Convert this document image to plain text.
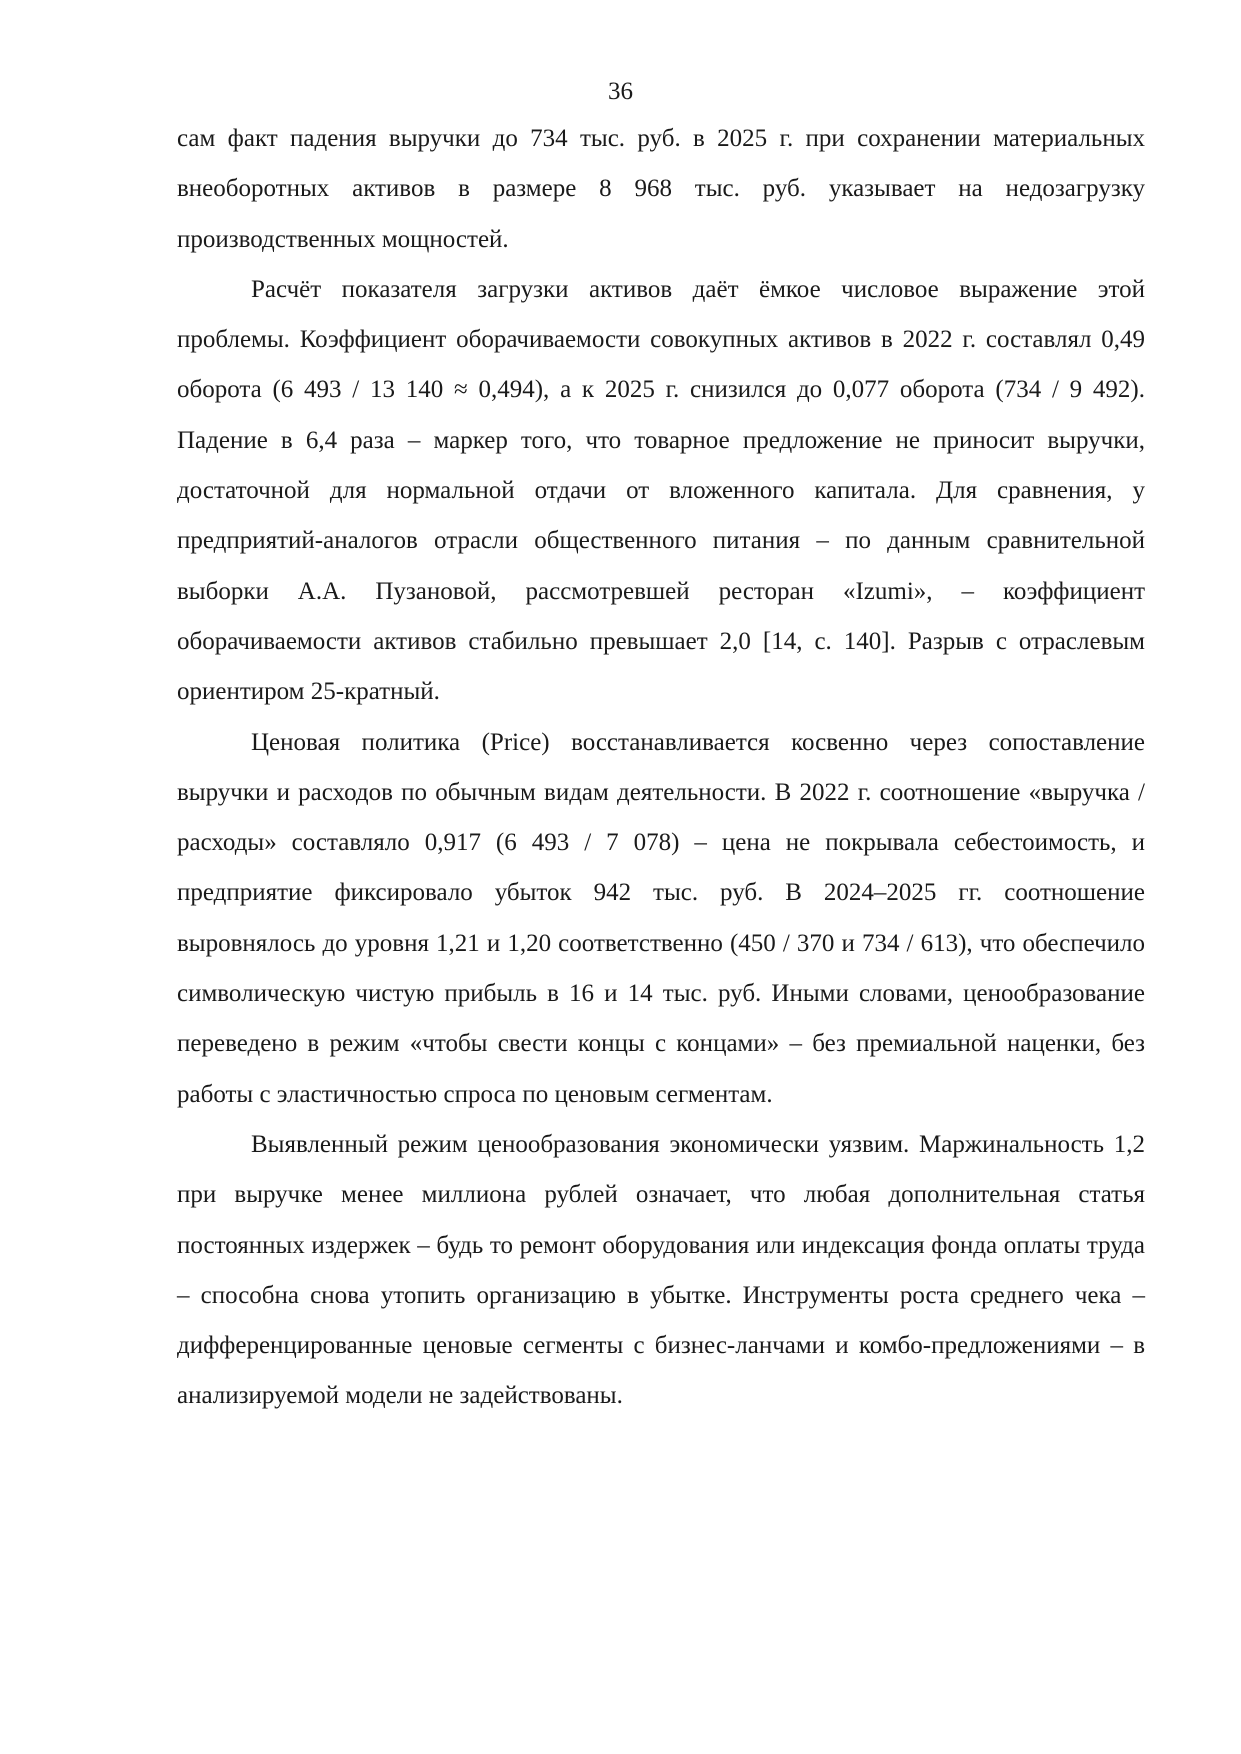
36

сам факт падения выручки до 734 тыс. руб. в 2025 г. при сохранении материальных внеоборотных активов в размере 8 968 тыс. руб. указывает на недозагрузку производственных мощностей.

Расчёт показателя загрузки активов даёт ёмкое числовое выражение этой проблемы. Коэффициент оборачиваемости совокупных активов в 2022 г. составлял 0,49 оборота (6 493 / 13 140 ≈ 0,494), а к 2025 г. снизился до 0,077 оборота (734 / 9 492). Падение в 6,4 раза – маркер того, что товарное предложение не приносит выручки, достаточной для нормальной отдачи от вложенного капитала. Для сравнения, у предприятий-аналогов отрасли общественного питания – по данным сравнительной выборки А.А. Пузановой, рассмотревшей ресторан «Izumi», – коэффициент оборачиваемости активов стабильно превышает 2,0 [14, с. 140]. Разрыв с отраслевым ориентиром 25-кратный.

Ценовая политика (Price) восстанавливается косвенно через сопоставление выручки и расходов по обычным видам деятельности. В 2022 г. соотношение «выручка / расходы» составляло 0,917 (6 493 / 7 078) – цена не покрывала себестоимость, и предприятие фиксировало убыток 942 тыс. руб. В 2024–2025 гг. соотношение выровнялось до уровня 1,21 и 1,20 соответственно (450 / 370 и 734 / 613), что обеспечило символическую чистую прибыль в 16 и 14 тыс. руб. Иными словами, ценообразование переведено в режим «чтобы свести концы с концами» – без премиальной наценки, без работы с эластичностью спроса по ценовым сегментам.

Выявленный режим ценообразования экономически уязвим. Маржинальность 1,2 при выручке менее миллиона рублей означает, что любая дополнительная статья постоянных издержек – будь то ремонт оборудования или индексация фонда оплаты труда – способна снова утопить организацию в убытке. Инструменты роста среднего чека – дифференцированные ценовые сегменты с бизнес-ланчами и комбо-предложениями – в анализируемой модели не задействованы.
